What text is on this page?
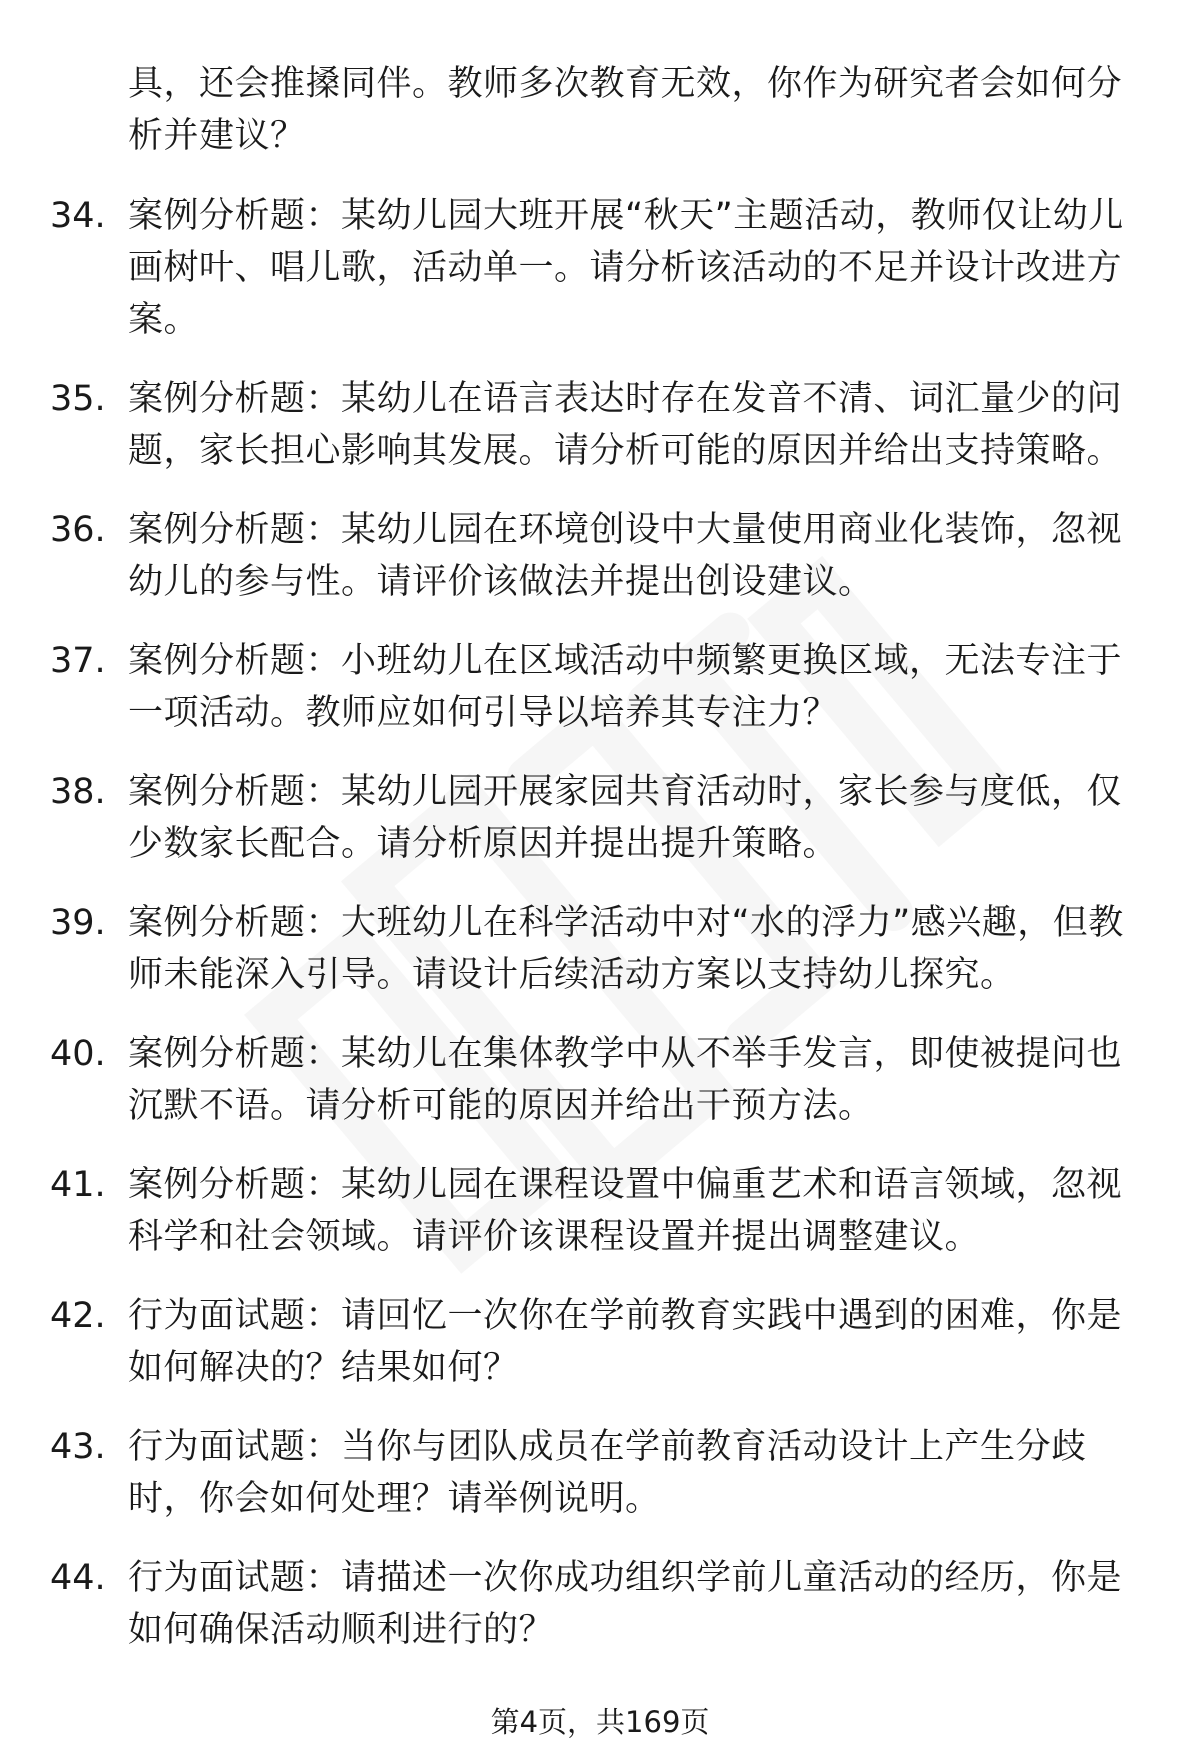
具，还会推搡同伴。教师多次教育无效，你作为研究者会如何分析并建议？
34. 案例分析题：某幼儿园大班开展“秋天”主题活动，教师仅让幼儿画树叶、唱儿歌，活动单一。请分析该活动的不足并设计改进方案。
35. 案例分析题：某幼儿在语言表达时存在发音不清、词汇量少的问题，家长担心影响其发展。请分析可能的原因并给出支持策略。
36. 案例分析题：某幼儿园在环境创设中大量使用商业化装饰，忽视幼儿的参与性。请评价该做法并提出创设建议。
37. 案例分析题：小班幼儿在区域活动中频繁更换区域，无法专注于一项活动。教师应如何引导以培养其专注力？
38. 案例分析题：某幼儿园开展家园共育活动时，家长参与度低，仅少数家长配合。请分析原因并提出提升策略。
39. 案例分析题：大班幼儿在科学活动中对“水的浮力”感兴趣，但教师未能深入引导。请设计后续活动方案以支持幼儿探究。
40. 案例分析题：某幼儿在集体教学中从不举手发言，即使被提问也沉默不语。请分析可能的原因并给出干预方法。
41. 案例分析题：某幼儿园在课程设置中偏重艺术和语言领域，忽视科学和社会领域。请评价该课程设置并提出调整建议。
42. 行为面试题：请回忆一次你在学前教育实践中遇到的困难，你是如何解决的？结果如何？
43. 行为面试题：当你与团队成员在学前教育活动设计上产生分歧时，你会如何处理？请举例说明。
44. 行为面试题：请描述一次你成功组织学前儿童活动的经历，你是如何确保活动顺利进行的？
第4页，共169页
